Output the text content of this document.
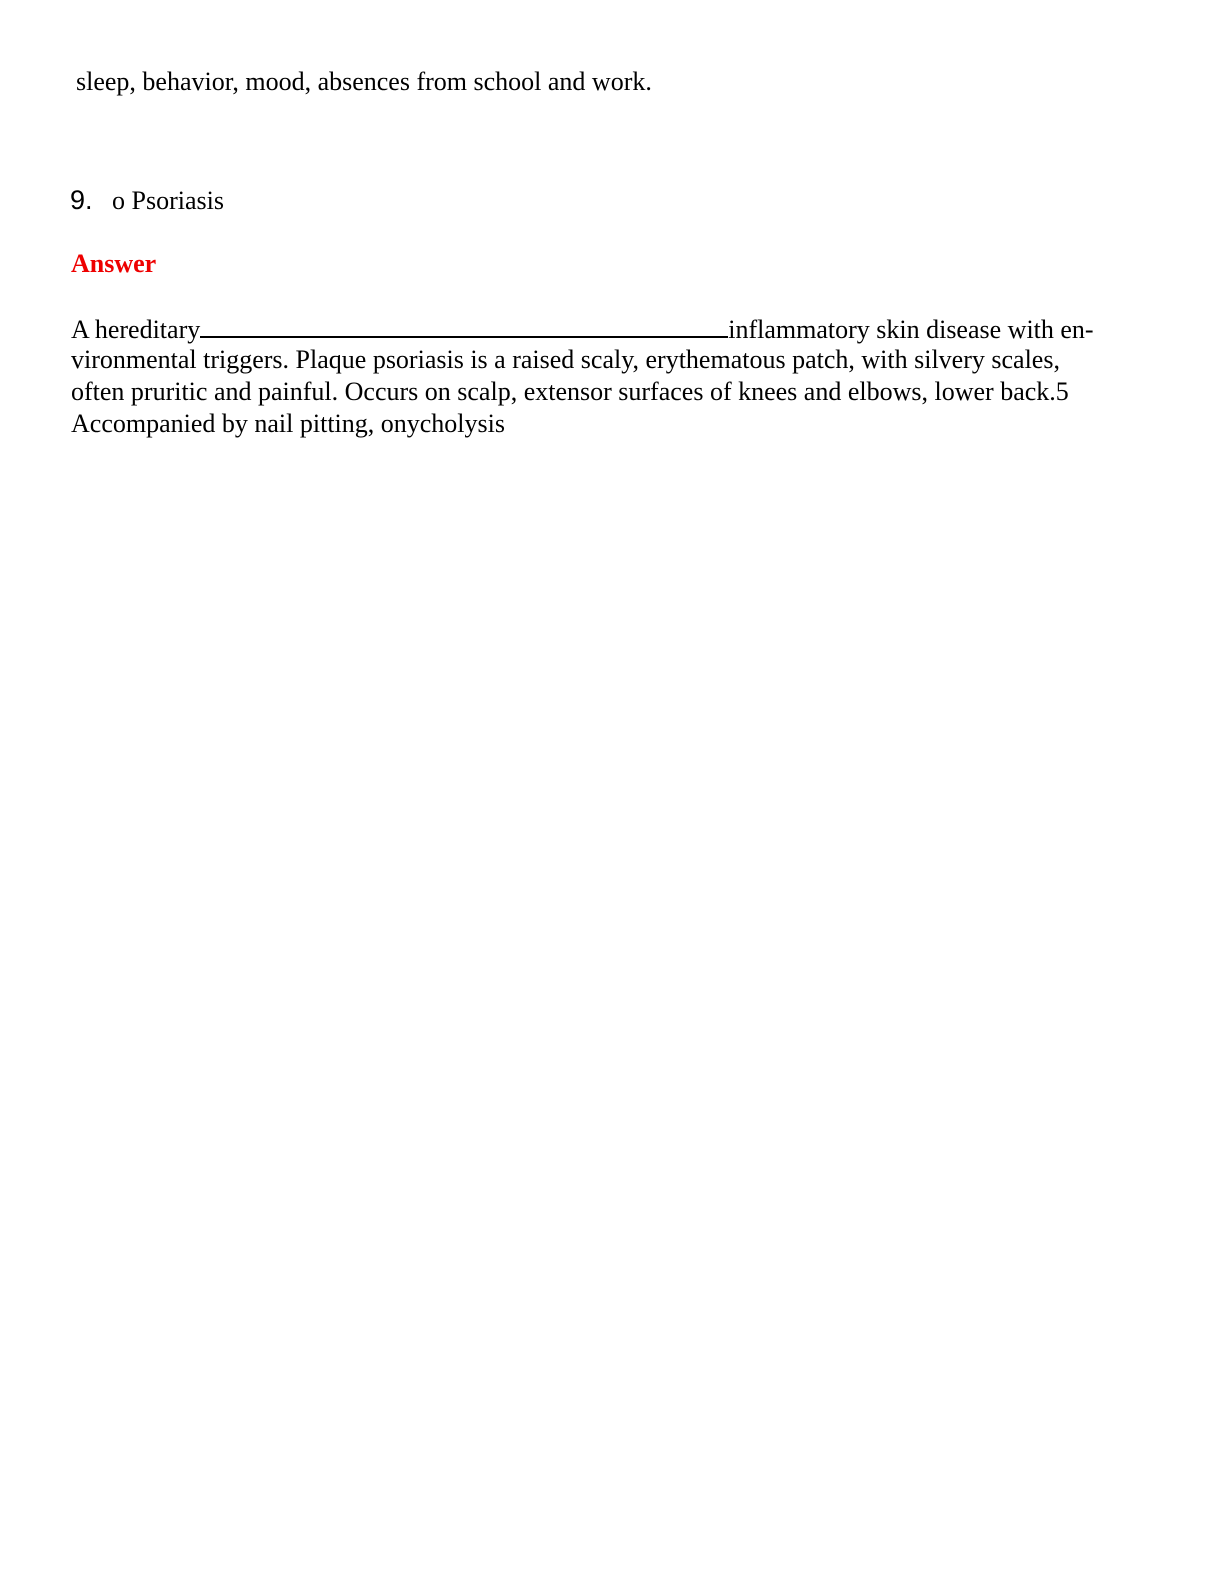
sleep, behavior, mood, absences from school and work.
9. o Psoriasis
Answer
A hereditary	inflammatory skin disease with en-
vironmental triggers. Plaque psoriasis is a raised scaly, erythematous patch, with silvery scales,
often pruritic and painful. Occurs on scalp, extensor surfaces of knees and elbows, lower back.5
Accompanied by nail pitting, onycholysis
